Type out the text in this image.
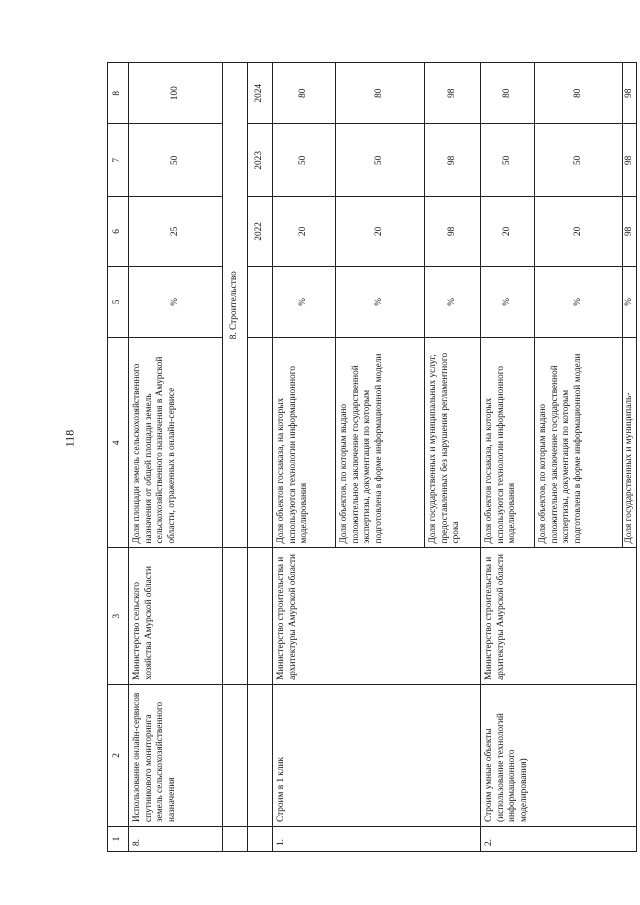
118
1	2	3	4	5	6	7	8
8.	Использование онлайн-сервисов спутникового мониторинга земель сельскохозяйственного назначения	Министерство сельского хозяйства Амурской области	Доля площади земель сельскохозяйственного назначения от общей площади земель сельскохозяйственного назначения в Амурской области, отраженных в онлайн-сервисе	%	25	50	100
			8. Строительство				
					2022	2023	2024
1.	Строим в 1 клик	Министерство строительства и архитектуры Амурской области	Доля объектов госзаказа, на которых используются технологии информационного моделирования	%	20	50	80
			Доля объектов, по которым выдано положительное заключение государственной экспертизы, документация по которым подготовлена в форме информационной модели	%	20	50	80
			Доля государственных и муниципальных услуг, предоставленных без нарушения регламентного срока	%	98	98	98
2.	Строим умные объекты (использование технологий информационного моделирования)	Министерство строительства и архитектуры Амурской области	Доля объектов госзаказа, на которых используются технологии информационного моделирования	%	20	50	80
			Доля объектов, по которым выдано положительное заключение государственной экспертизы, документация по которым подготовлена в форме информационной модели	%	20	50	80
			Доля государственных и муниципаль-	%	98	98	98
